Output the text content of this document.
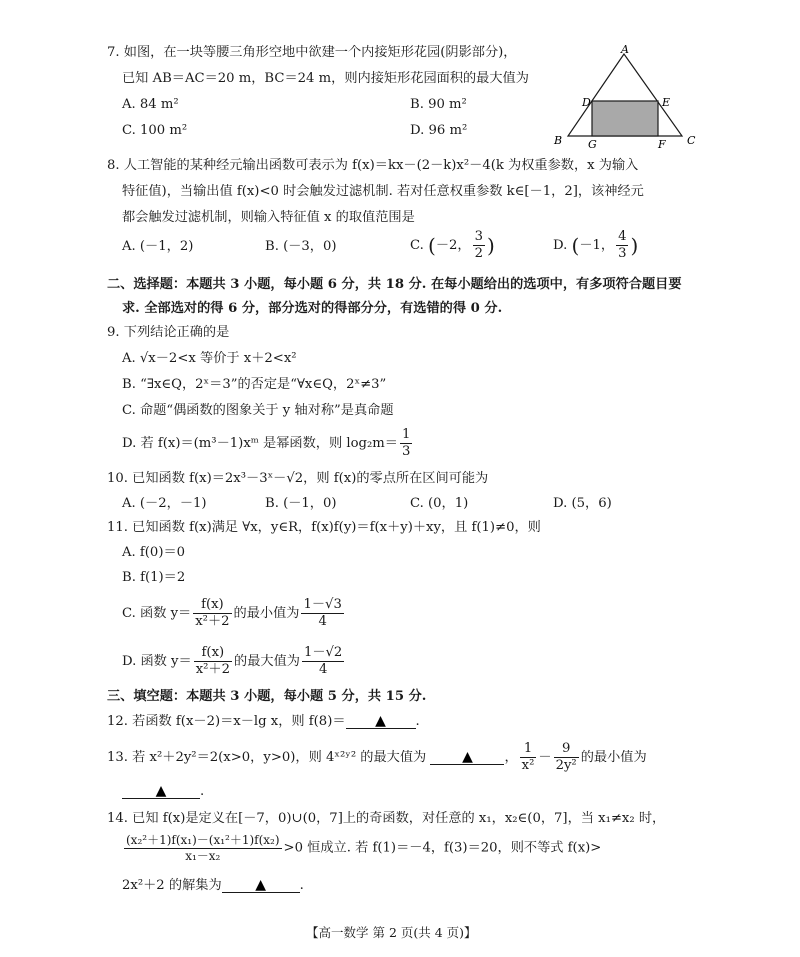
7. 如图，在一块等腰三角形空地中欲建一个内接矩形花园(阴影部分)，
已知 AB＝AC＝20 m，BC＝24 m，则内接矩形花园面积的最大值为
A. 84 m²	B. 90 m²
C. 100 m²	D. 96 m²
A
D	E
B G	F C
8. 人工智能的某种经元输出函数可表示为 f(x)＝kx－(2－k)x²－4(k 为权重参数，x 为输入
特征值)，当输出值 f(x)<0 时会触发过滤机制. 若对任意权重参数 k∈[－1，2]，该神经元
都会触发过滤机制，则输入特征值 x 的取值范围是
A. (－1，2)	B. (－3，0)	C. (－2， $\frac{3}{2}$ )	D. (－1， $\frac{4}{3}$ )
二、选择题：本题共 3 小题，每小题 6 分，共 18 分. 在每小题给出的选项中，有多项符合题目要
求. 全部选对的得 6 分，部分选对的得部分分，有选错的得 0 分.
9. 下列结论正确的是
A. √x－2<x 等价于 x＋2<x²
B. “∃x∈Q，2ˣ＝3”的否定是“∀x∈Q，2ˣ≠3”
C. 命题“偶函数的图象关于 y 轴对称”是真命题
D. 若 f(x)＝(m³－1)xᵐ 是幂函数，则 $\log_2m= \frac{1}{3}$
10. 已知函数 f(x)＝2x³－3ˣ－√2，则 f(x)的零点所在区间可能为
A. (－2，－1)	B. (－1，0)	C. (0，1)	D. (5，6)
11. 已知函数 f(x)满足 ∀x，y∈R，f(x)f(y)＝f(x＋y)＋xy，且 f(1)≠0，则
A. f(0)＝0
B. f(1)＝2
C. 函数 $y= \frac{f(x)}{\text{x²＋2}}$ 的最小值为 $\frac{1-√3}{4}$
D. 函数 $y= \frac{f(x)}{\text{x²＋2}}$ 的最大值为 $\frac{1-√2}{4}$
三、填空题：本题共 3 小题，每小题 5 分，共 15 分.
12. 若函数 f(x－2)＝x－lg x，则 f(8)＝ ▲ .
13. 若 x²＋2y²＝2(x>0，y>0)，则 4ˣ²ʸ² 的最大值为	▲ ， $\frac{1}{\text{x²}} - \frac{9}{\text{2y²}}$ 的最小值为
▲	.
14. 已知 f(x)是定义在[－7，0)∪(0，7]上的奇函数，对任意的 x₁，x₂∈(0，7]，当 x₁≠x₂ 时，
$\frac{\text{(x₂²＋1)f(x₁)－(x₁²＋1)f(x₂)}}{\text{x₁－x₂}} >0$ 恒成立. 若 f(1)＝－4，f(3)＝20，则不等式 f(x)>
2x²＋2 的解集为 ▲	.
【高一数学 第 2 页(共 4 页)】
